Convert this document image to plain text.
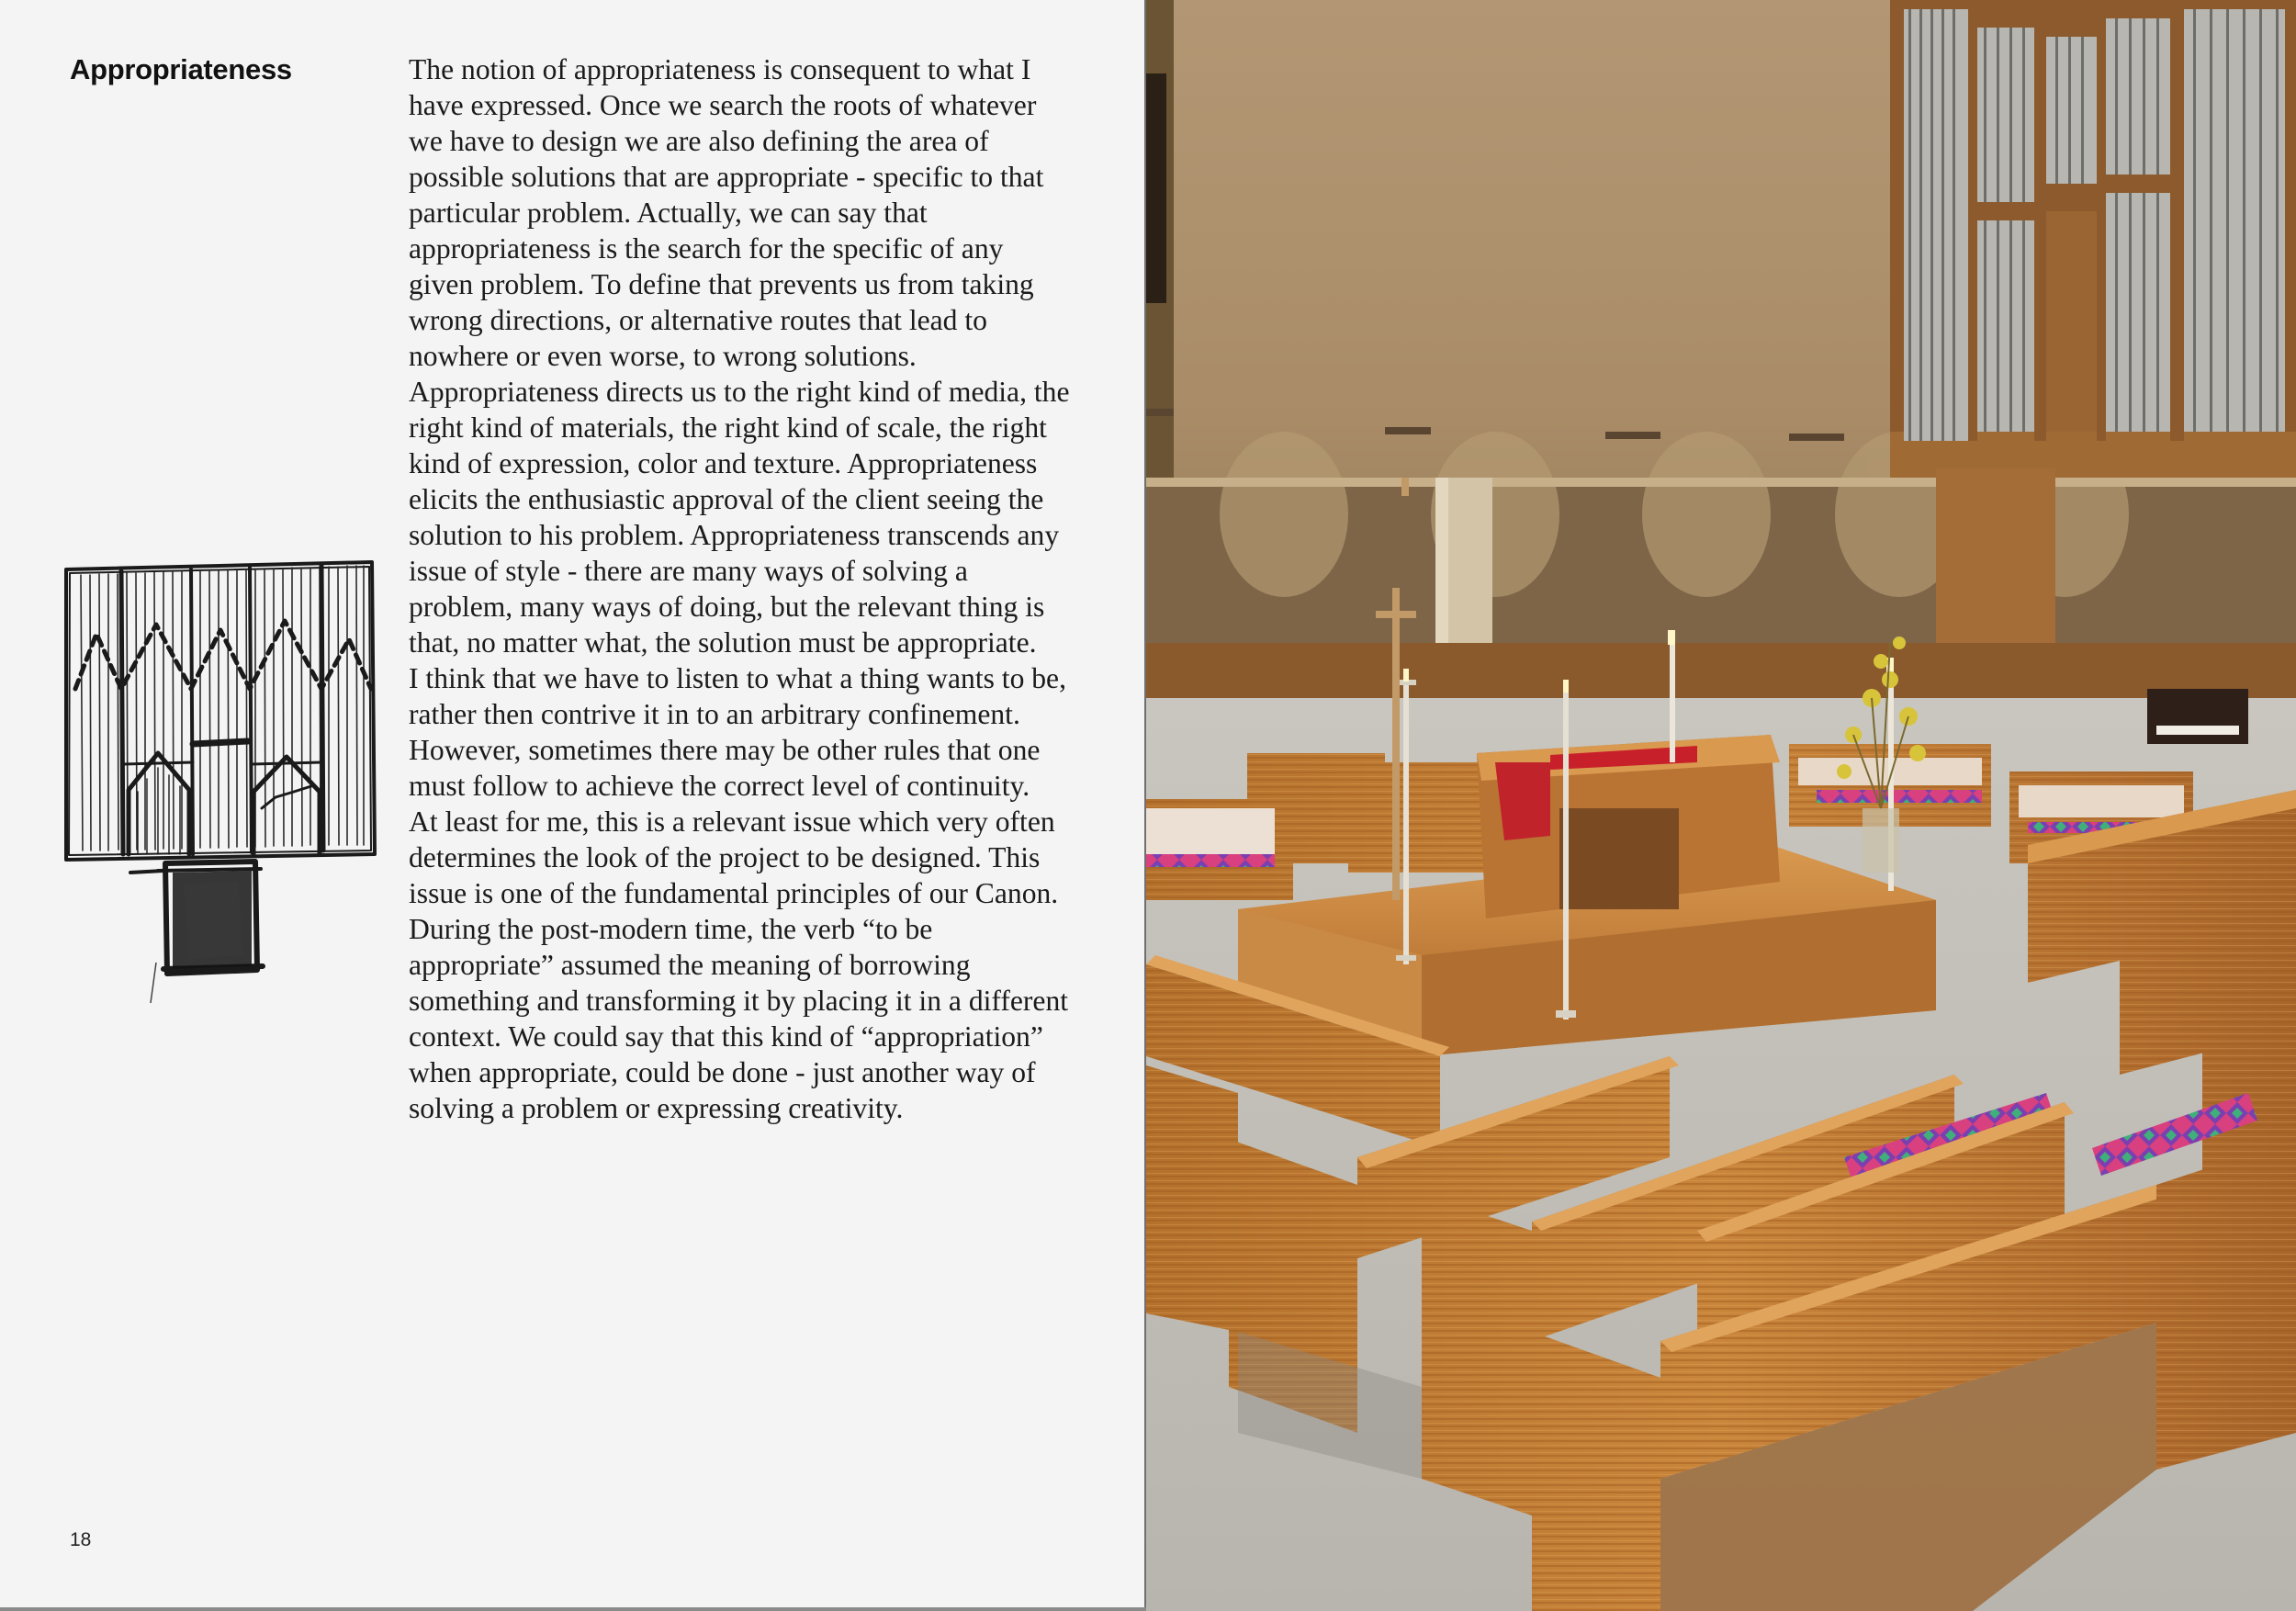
Appropriateness	The notion of appropriateness is consequent to what I have expressed. Once we search the roots of whatever we have to design we are also defining the area of possible solutions that are appropriate - specific to that particular problem. Actually, we can say that appropriateness is the search for the specific of any given problem. To define that prevents us from taking wrong directions, or alternative routes that lead to nowhere or even worse, to wrong solutions.

Appropriateness directs us to the right kind of media, the right kind of materials, the right kind of scale, the right kind of expression, color and texture. Appropriateness elicits the enthusiastic approval of the client seeing the solution to his problem. Appropriateness transcends any issue of style - there are many ways of solving a problem, many ways of doing, but the relevant thing is that, no matter what, the solution must be appropriate.

I think that we have to listen to what a thing wants to be, rather then contrive it in to an arbitrary confinement. However, sometimes there may be other rules that one must follow to achieve the correct level of continuity.

At least for me, this is a relevant issue which very often determines the look of the project to be designed. This issue is one of the fundamental principles of our Canon.

During the post-modern time, the verb “to be appropriate” assumed the meaning of borrowing something and transforming it by placing it in a different context. We could say that this kind of “appropriation” when appropriate, could be done - just another way of solving a problem or expressing creativity.

18
